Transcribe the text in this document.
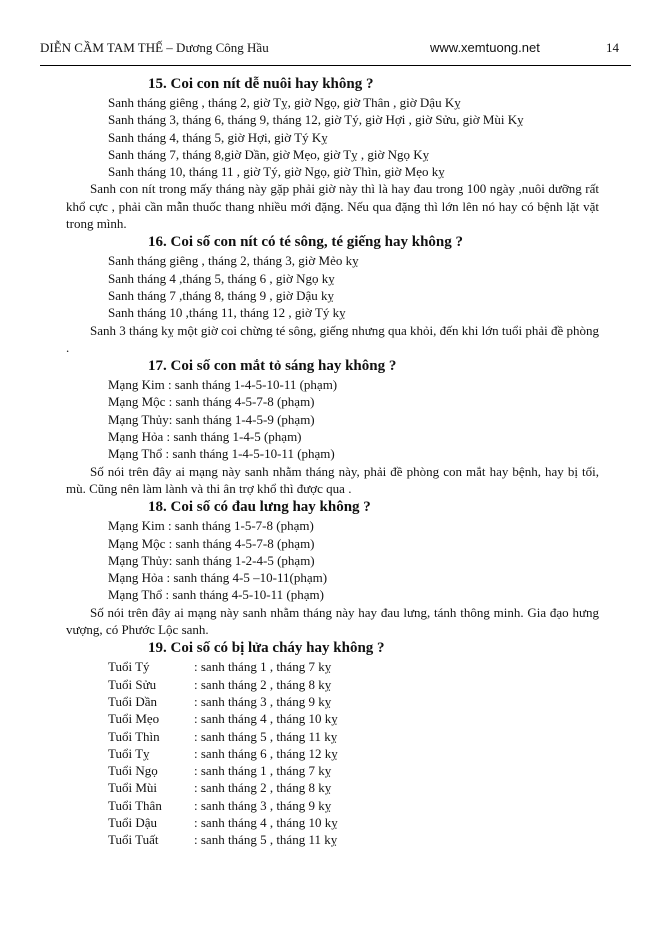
DIỄN CẦM TAM THẾ – Dương Công Hầu	www.xemtuong.net	14
15. Coi con nít dễ nuôi hay không ?
Sanh tháng giêng , tháng 2, giờ Tỵ, giờ Ngọ, giờ Thân , giờ Dậu Kỵ
Sanh tháng 3, tháng 6, tháng 9, tháng 12, giờ Tý, giờ Hợi , giờ Sửu, giờ Mùi Kỵ
Sanh tháng 4, tháng 5, giờ Hợi, giờ Tý Kỵ
Sanh tháng 7, tháng 8,giờ Dần, giờ Mẹo, giờ Tỵ , giờ Ngọ Kỵ
Sanh tháng 10, tháng 11 , giờ Tý, giờ Ngọ, giờ Thìn, giờ Mẹo kỵ
Sanh con nít trong mấy tháng này gặp phải giờ này thì là hay đau trong 100 ngày ,nuôi dưỡng rất khổ cực , phải cần mẫn thuốc thang nhiều mới đặng. Nếu qua đặng thì lớn lên nó hay có bệnh lặt vặt trong mình.
16. Coi số con nít có té sông, té giếng hay không ?
Sanh tháng giêng , tháng 2, tháng 3, giờ Mẻo kỵ
Sanh tháng 4 ,tháng 5, tháng 6 , giờ Ngọ kỵ
Sanh tháng 7 ,tháng 8, tháng 9 , giờ Dậu kỵ
Sanh tháng 10 ,tháng 11, tháng 12 , giờ Tý kỵ
Sanh 3 tháng kỵ một giờ coi chừng té sông, giếng nhưng qua khỏi, đến khi lớn tuổi phải đề phòng .
17. Coi số con mắt tỏ sáng hay không ?
Mạng Kim : sanh tháng 1-4-5-10-11 (phạm)
Mạng Mộc : sanh tháng 4-5-7-8 (phạm)
Mạng Thủy: sanh tháng 1-4-5-9 (phạm)
Mạng Hỏa : sanh tháng 1-4-5 (phạm)
Mạng Thổ : sanh tháng 1-4-5-10-11 (phạm)
Số nói trên đây ai mạng này sanh nhằm tháng này, phải đề phòng con mắt hay bệnh, hay bị tối, mù. Cũng nên làm lành và thi ân trợ khổ thì được qua .
18. Coi số có đau lưng hay không ?
Mạng Kim : sanh tháng 1-5-7-8 (phạm)
Mạng Mộc : sanh tháng 4-5-7-8 (phạm)
Mạng Thủy: sanh tháng 1-2-4-5 (phạm)
Mạng Hỏa : sanh tháng 4-5 –10-11(phạm)
Mạng Thổ : sanh tháng 4-5-10-11 (phạm)
Số nói trên đây ai mạng này sanh nhằm tháng này hay đau lưng, tánh thông minh. Gia đạo hưng vượng, có Phước Lộc sanh.
19. Coi số có bị lửa cháy hay không ?
Tuổi Tý	: sanh tháng 1 , tháng 7 kỵ
Tuổi Sửu	: sanh tháng 2 , tháng 8 kỵ
Tuổi Dần	: sanh tháng 3 , tháng 9 kỵ
Tuổi Mẹo	: sanh tháng 4 , tháng 10 kỵ
Tuổi Thìn	: sanh tháng 5 , tháng 11 kỵ
Tuổi Tỵ	: sanh tháng 6 , tháng 12 kỵ
Tuổi Ngọ	: sanh tháng 1 , tháng 7 kỵ
Tuổi Mùi	: sanh tháng 2 , tháng 8 kỵ
Tuổi Thân	: sanh tháng 3 , tháng 9 kỵ
Tuổi Dậu	: sanh tháng 4 , tháng 10 kỵ
Tuổi Tuất	: sanh tháng 5 , tháng 11 kỵ
